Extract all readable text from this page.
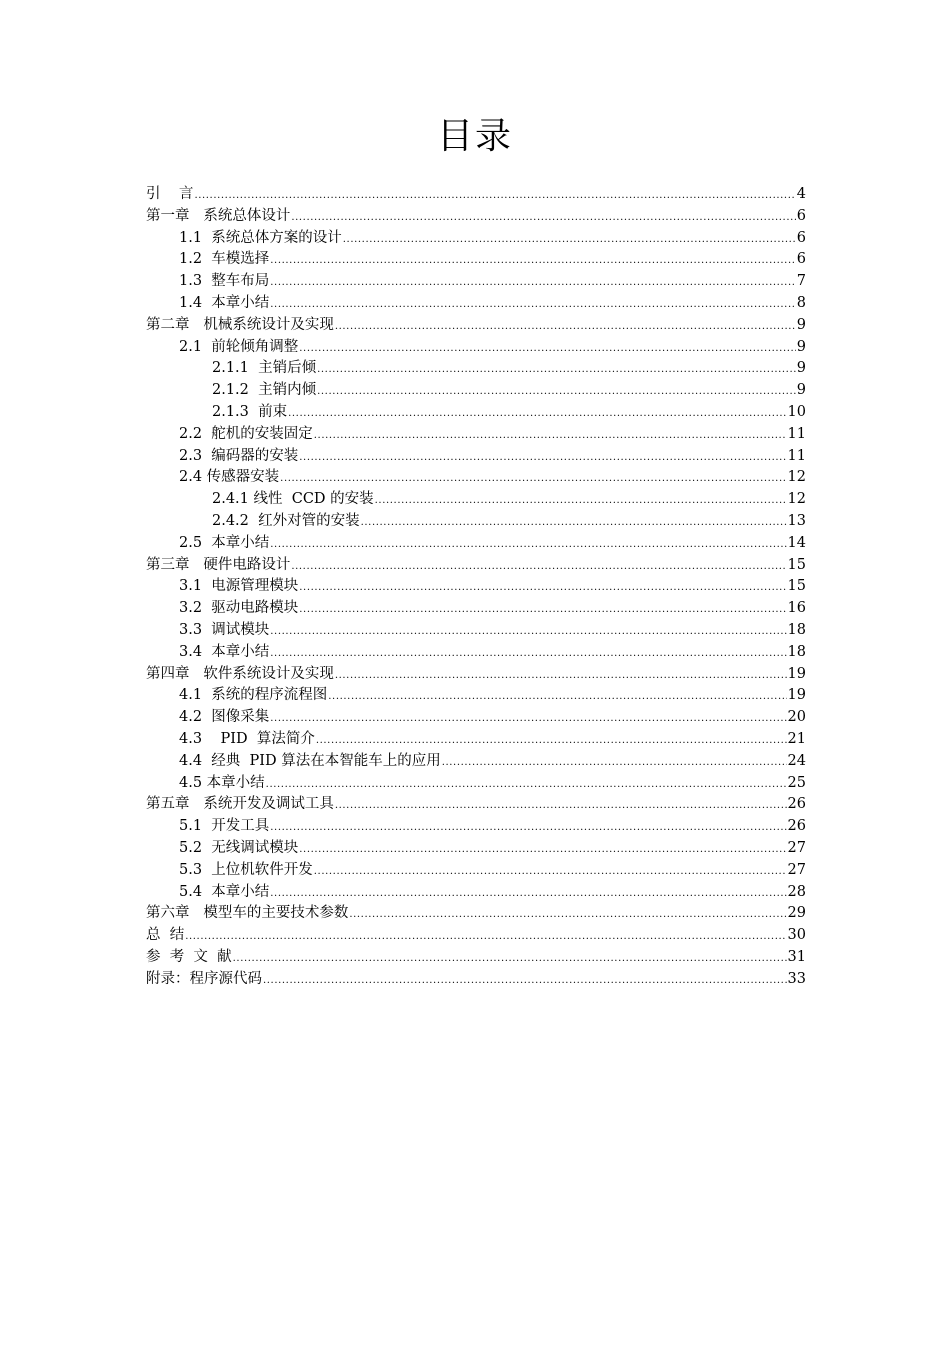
目录
引    言 .....	4
第一章   系统总体设计 .....	6
1.1  系统总体方案的设计 .....	6
1.2  车模选择 .....	6
1.3  整车布局 .....	7
1.4  本章小结 .....	8
第二章   机械系统设计及实现 .....	9
2.1  前轮倾角调整 .....	9
2.1.1  主销后倾 .....	9
2.1.2  主销内倾 .....	9
2.1.3  前束 .....	10
2.2  舵机的安装固定 .....	11
2.3  编码器的安装 .....	11
2.4 传感器安装 .....	12
2.4.1 线性  CCD 的安装 .....	12
2.4.2  红外对管的安装 .....	13
2.5  本章小结 .....	14
第三章   硬件电路设计 .....	15
3.1  电源管理模块 .....	15
3.2  驱动电路模块 .....	16
3.3  调试模块 .....	18
3.4  本章小结 .....	18
第四章   软件系统设计及实现 .....	19
4.1  系统的程序流程图 .....	19
4.2  图像采集 .....	20
4.3    PID  算法简介 .....	21
4.4  经典  PID 算法在本智能车上的应用 .....	24
4.5 本章小结 .....	25
第五章   系统开发及调试工具 .....	26
5.1  开发工具 .....	26
5.2  无线调试模块 .....	27
5.3  上位机软件开发 .....	27
5.4  本章小结 .....	28
第六章   模型车的主要技术参数 .....	29
总  结 .....	30
参  考  文  献 .....	31
附录：程序源代码 .....	33
